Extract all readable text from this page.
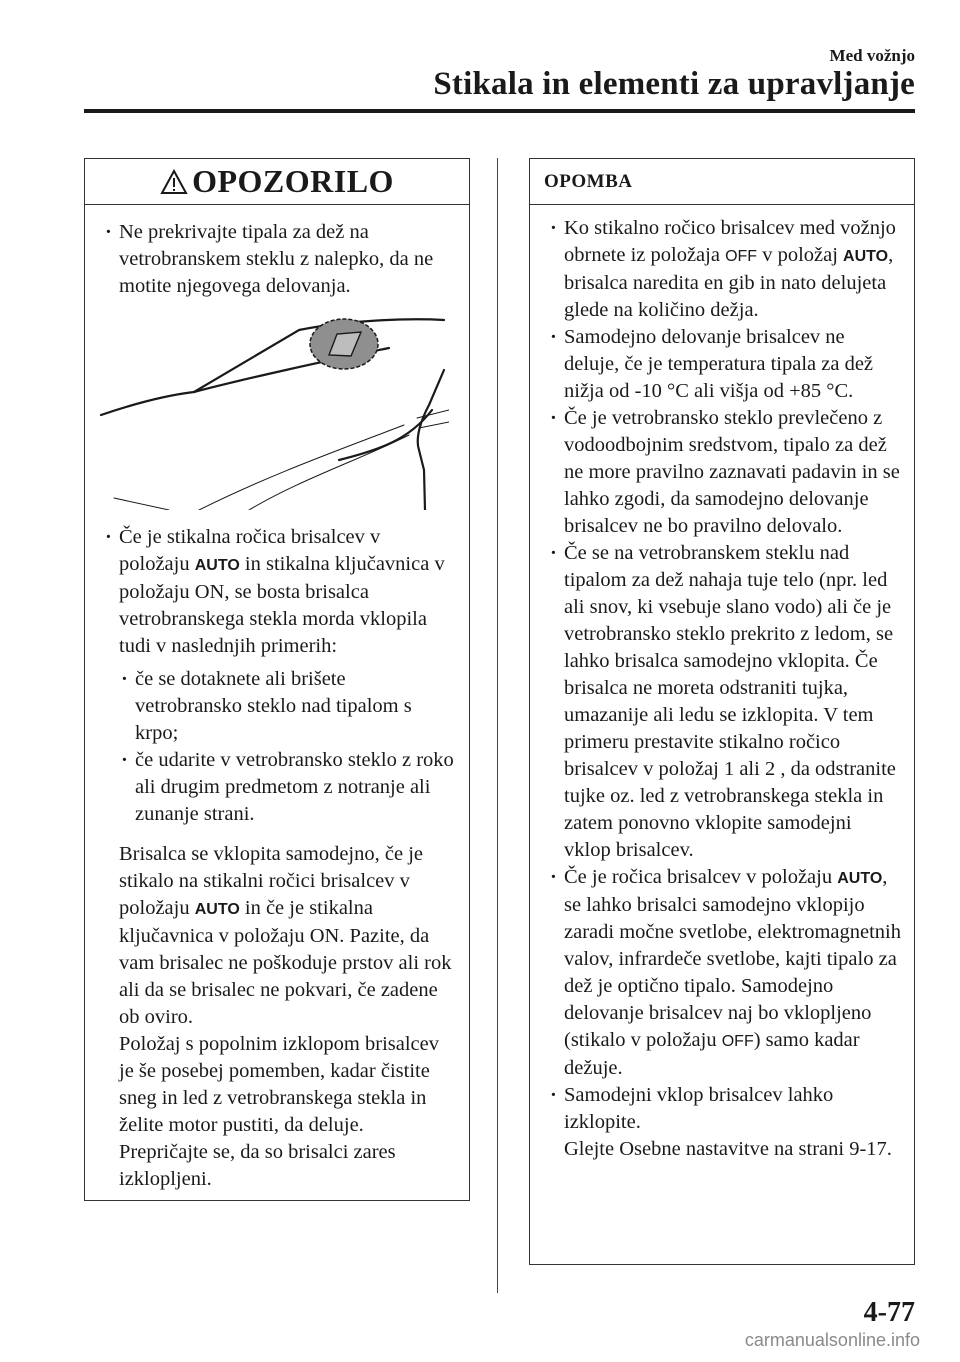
Med vožnjo
Stikala in elementi za upravljanje
OPOZORILO
· Ne prekrivajte tipala za dež na vetrobranskem steklu z nalepko, da ne motite njegovega delovanja.
· Če je stikalna ročica brisalcev v položaju AUTO in stikalna ključavnica v položaju ON, se bosta brisalca vetrobranskega stekla morda vklopila tudi v naslednjih primerih:
· če se dotaknete ali brišete vetrobransko steklo nad tipalom s krpo;
· če udarite v vetrobransko steklo z roko ali drugim predmetom z notranje ali zunanje strani.
Brisalca se vklopita samodejno, če je stikalo na stikalni ročici brisalcev v položaju AUTO in če je stikalna ključavnica v položaju ON. Pazite, da vam brisalec ne poškoduje prstov ali rok ali da se brisalec ne pokvari, če zadene ob oviro.
Položaj s popolnim izklopom brisalcev je še posebej pomemben, kadar čistite sneg in led z vetrobranskega stekla in želite motor pustiti, da deluje. Prepričajte se, da so brisalci zares izklopljeni.
OPOMBA
· Ko stikalno ročico brisalcev med vožnjo obrnete iz položaja OFF v položaj AUTO, brisalca naredita en gib in nato delujeta glede na količino dežja.
· Samodejno delovanje brisalcev ne deluje, če je temperatura tipala za dež nižja od -10 °C ali višja od +85 °C.
· Če je vetrobransko steklo prevlečeno z vodoodbojnim sredstvom, tipalo za dež ne more pravilno zaznavati padavin in se lahko zgodi, da samodejno delovanje brisalcev ne bo pravilno delovalo.
· Če se na vetrobranskem steklu nad tipalom za dež nahaja tuje telo (npr. led ali snov, ki vsebuje slano vodo) ali če je vetrobransko steklo prekrito z ledom, se lahko brisalca samodejno vklopita. Če brisalca ne moreta odstraniti tujka, umazanije ali ledu se izklopita. V tem primeru prestavite stikalno ročico brisalcev v položaj 1 ali 2 , da odstranite tujke oz. led z vetrobranskega stekla in zatem ponovno vklopite samodejni vklop brisalcev.
· Če je ročica brisalcev v položaju AUTO, se lahko brisalci samodejno vklopijo zaradi močne svetlobe, elektromagnetnih valov, infrardeče svetlobe, kajti tipalo za dež je optično tipalo. Samodejno delovanje brisalcev naj bo vklopljeno (stikalo v položaju OFF) samo kadar dežuje.
· Samodejni vklop brisalcev lahko izklopite.
Glejte Osebne nastavitve na strani 9-17.
4-77
carmanualsonline.info
